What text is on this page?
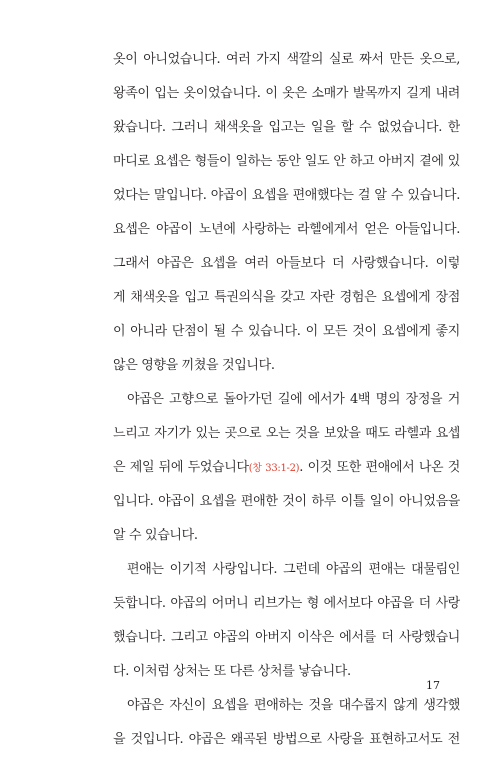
옷이 아니었습니다. 여러 가지 색깔의 실로 짜서 만든 옷으로,
왕족이 입는 옷이었습니다. 이 옷은 소매가 발목까지 길게 내려
왔습니다. 그러니 채색옷을 입고는 일을 할 수 없었습니다. 한
마디로 요셉은 형들이 일하는 동안 일도 안 하고 아버지 곁에 있
었다는 말입니다. 야곱이 요셉을 편애했다는 걸 알 수 있습니다.
요셉은 야곱이 노년에 사랑하는 라헬에게서 얻은 아들입니다.
그래서 야곱은 요셉을 여러 아들보다 더 사랑했습니다. 이렇
게 채색옷을 입고 특권의식을 갖고 자란 경험은 요셉에게 장점
이 아니라 단점이 될 수 있습니다. 이 모든 것이 요셉에게 좋지
않은 영향을 끼쳤을 것입니다.
야곱은 고향으로 돌아가던 길에 에서가 4백 명의 장정을 거
느리고 자기가 있는 곳으로 오는 것을 보았을 때도 라헬과 요셉
은 제일 뒤에 두었습니다(창 33:1-2). 이것 또한 편애에서 나온 것
입니다. 야곱이 요셉을 편애한 것이 하루 이틀 일이 아니었음을
알 수 있습니다.
편애는 이기적 사랑입니다. 그런데 야곱의 편애는 대물림인
듯합니다. 야곱의 어머니 리브가는 형 에서보다 야곱을 더 사랑
했습니다. 그리고 야곱의 아버지 이삭은 에서를 더 사랑했습니
다. 이처럼 상처는 또 다른 상처를 낳습니다.
야곱은 자신이 요셉을 편애하는 것을 대수롭지 않게 생각했
을 것입니다. 야곱은 왜곡된 방법으로 사랑을 표현하고서도 전
17
